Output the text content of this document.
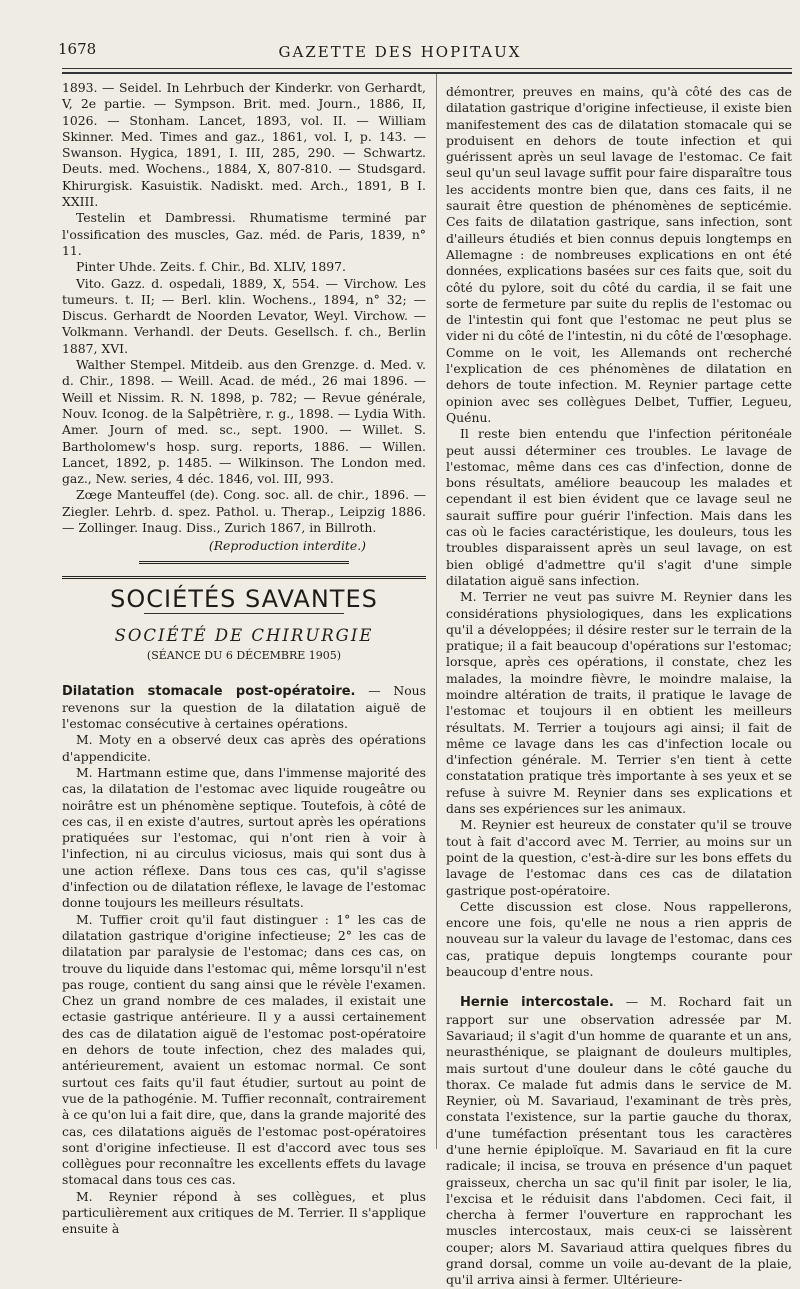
1678	GAZETTE DES HOPITAUX

1893. — Seidel. In Lehrbuch der Kinderkr. von Gerhardt, V, 2e partie. — Sympson. Brit. med. Journ., 1886, II, 1026. — Stonham. Lancet, 1893, vol. II. — William Skinner. Med. Times and gaz., 1861, vol. I, p. 143. — Swanson. Hygica, 1891, I. III, 285, 290. — Schwartz. Deuts. med. Wochens., 1884, X, 807-810. — Studsgard. Khirurgisk. Kasuistik. Nadiskt. med. Arch., 1891, B I. XXIII.

Testelin et Dambressi. Rhumatisme terminé par l'ossification des muscles, Gaz. méd. de Paris, 1839, n° 11.

Pinter Uhde. Zeits. f. Chir., Bd. XLIV, 1897.

Vito. Gazz. d. ospedali, 1889, X, 554. — Virchow. Les tumeurs. t. II; — Berl. klin. Wochens., 1894, n° 32; — Discus. Gerhardt de Noorden Levator, Weyl. Virchow. — Volkmann. Verhandl. der Deuts. Gesellsch. f. ch., Berlin 1887, XVI.

Walther Stempel. Mitdeib. aus den Grenzge. d. Med. v. d. Chir., 1898. — Weill. Acad. de méd., 26 mai 1896. — Weill et Nissim. R. N. 1898, p. 782; — Revue générale, Nouv. Iconog. de la Salpêtrière, r. g., 1898. — Lydia With. Amer. Journ of med. sc., sept. 1900. — Willet. S. Bartholomew's hosp. surg. reports, 1886. — Willen. Lancet, 1892, p. 1485. — Wilkinson. The London med. gaz., New. series, 4 déc. 1846, vol. III, 993.

Zœge Manteuffel (de). Cong. soc. all. de chir., 1896. — Ziegler. Lehrb. d. spez. Pathol. u. Therap., Leipzig 1886. — Zollinger. Inaug. Diss., Zurich 1867, in Billroth.

(Reproduction interdite.)
SOCIÉTÉS SAVANTES
SOCIÉTÉ DE CHIRURGIE
(SÉANCE DU 6 DÉCEMBRE 1905)

Dilatation stomacale post-opératoire. — Nous revenons sur la question de la dilatation aiguë de l'estomac consécutive à certaines opérations.

M. Moty en a observé deux cas après des opérations d'appendicite.

M. Hartmann estime que, dans l'immense majorité des cas, la dilatation de l'estomac avec liquide rougeâtre ou noirâtre est un phénomène septique. Toutefois, à côté de ces cas, il en existe d'autres, surtout après les opérations pratiquées sur l'estomac, qui n'ont rien à voir à l'infection, ni au circulus viciosus, mais qui sont dus à une action réflexe. Dans tous ces cas, qu'il s'agisse d'infection ou de dilatation réflexe, le lavage de l'estomac donne toujours les meilleurs résultats.

M. Tuffier croit qu'il faut distinguer : 1° les cas de dilatation gastrique d'origine infectieuse; 2° les cas de dilatation par paralysie de l'estomac; dans ces cas, on trouve du liquide dans l'estomac qui, même lorsqu'il n'est pas rouge, contient du sang ainsi que le révèle l'examen. Chez un grand nombre de ces malades, il existait une ectasie gastrique antérieure. Il y a aussi certainement des cas de dilatation aiguë de l'estomac post-opératoire en dehors de toute infection, chez des malades qui, antérieurement, avaient un estomac normal. Ce sont surtout ces faits qu'il faut étudier, surtout au point de vue de la pathogénie. M. Tuffier reconnaît, contrairement à ce qu'on lui a fait dire, que, dans la grande majorité des cas, ces dilatations aiguës de l'estomac post-opératoires sont d'origine infectieuse. Il est d'accord avec tous ses collègues pour reconnaître les excellents effets du lavage stomacal dans tous ces cas.

M. Reynier répond à ses collègues, et plus particulièrement aux critiques de M. Terrier. Il s'applique ensuite à

démontrer, preuves en mains, qu'à côté des cas de dilatation gastrique d'origine infectieuse, il existe bien manifestement des cas de dilatation stomacale qui se produisent en dehors de toute infection et qui guérissent après un seul lavage de l'estomac. Ce fait seul qu'un seul lavage suffit pour faire disparaître tous les accidents montre bien que, dans ces faits, il ne saurait être question de phénomènes de septicémie. Ces faits de dilatation gastrique, sans infection, sont d'ailleurs étudiés et bien connus depuis longtemps en Allemagne : de nombreuses explications en ont été données, explications basées sur ces faits que, soit du côté du pylore, soit du côté du cardia, il se fait une sorte de fermeture par suite du replis de l'estomac ou de l'intestin qui font que l'estomac ne peut plus se vider ni du côté de l'intestin, ni du côté de l'œsophage. Comme on le voit, les Allemands ont recherché l'explication de ces phénomènes de dilatation en dehors de toute infection. M. Reynier partage cette opinion avec ses collègues Delbet, Tuffier, Legueu, Quénu.

Il reste bien entendu que l'infection péritonéale peut aussi déterminer ces troubles. Le lavage de l'estomac, même dans ces cas d'infection, donne de bons résultats, améliore beaucoup les malades et cependant il est bien évident que ce lavage seul ne saurait suffire pour guérir l'infection. Mais dans les cas où le facies caractéristique, les douleurs, tous les troubles disparaissent après un seul lavage, on est bien obligé d'admettre qu'il s'agit d'une simple dilatation aiguë sans infection.

M. Terrier ne veut pas suivre M. Reynier dans les considérations physiologiques, dans les explications qu'il a développées; il désire rester sur le terrain de la pratique; il a fait beaucoup d'opérations sur l'estomac; lorsque, après ces opérations, il constate, chez les malades, la moindre fièvre, le moindre malaise, la moindre altération de traits, il pratique le lavage de l'estomac et toujours il en obtient les meilleurs résultats. M. Terrier a toujours agi ainsi; il fait de même ce lavage dans les cas d'infection locale ou d'infection générale. M. Terrier s'en tient à cette constatation pratique très importante à ses yeux et se refuse à suivre M. Reynier dans ses explications et dans ses expériences sur les animaux.

M. Reynier est heureux de constater qu'il se trouve tout à fait d'accord avec M. Terrier, au moins sur un point de la question, c'est-à-dire sur les bons effets du lavage de l'estomac dans ces cas de dilatation gastrique post-opératoire.

Cette discussion est close. Nous rappellerons, encore une fois, qu'elle ne nous a rien appris de nouveau sur la valeur du lavage de l'estomac, dans ces cas, pratique depuis longtemps courante pour beaucoup d'entre nous.

Hernie intercostale. — M. Rochard fait un rapport sur une observation adressée par M. Savariaud; il s'agit d'un homme de quarante et un ans, neurasthénique, se plaignant de douleurs multiples, mais surtout d'une douleur dans le côté gauche du thorax. Ce malade fut admis dans le service de M. Reynier, où M. Savariaud, l'examinant de très près, constata l'existence, sur la partie gauche du thorax, d'une tuméfaction présentant tous les caractères d'une hernie épiploïque. M. Savariaud en fit la cure radicale; il incisa, se trouva en présence d'un paquet graisseux, chercha un sac qu'il finit par isoler, le lia, l'excisa et le réduisit dans l'abdomen. Ceci fait, il chercha à fermer l'ouverture en rapprochant les muscles intercostaux, mais ceux-ci se laissèrent couper; alors M. Savariaud attira quelques fibres du grand dorsal, comme un voile au-devant de la plaie, qu'il arriva ainsi à fermer. Ultérieure-
